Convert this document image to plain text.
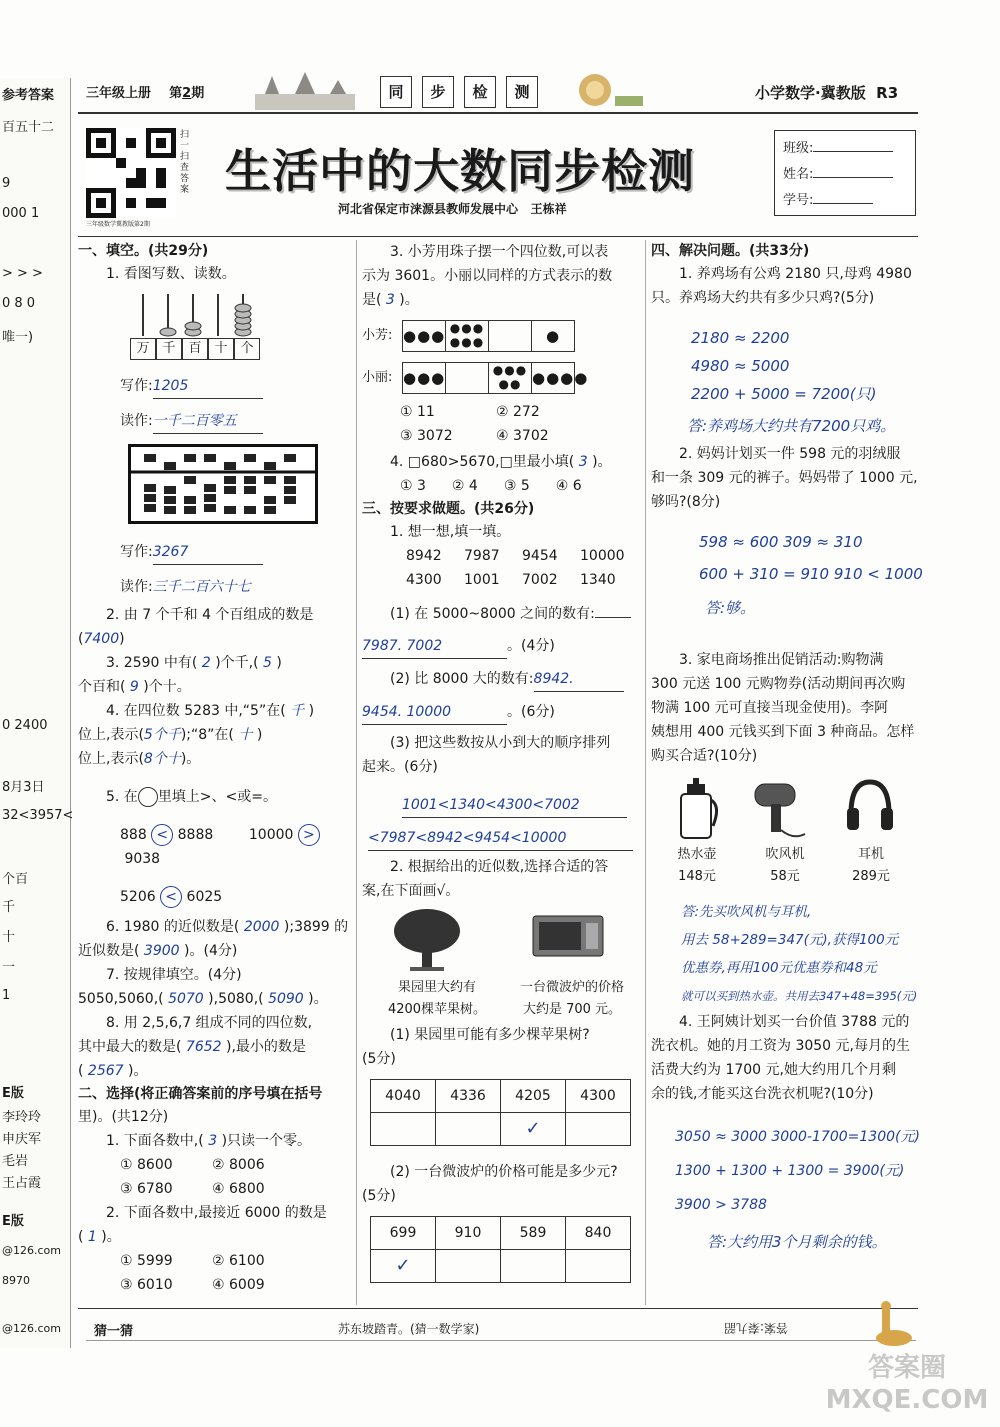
参考答案
百五十二
9
000 1
> > >
0 8 0
唯一)
0 2400
8月3日
32<3957<
个百
千
十
一
1
E版
李玲玲
申庆军
毛岩
王占霞
E版
@126.com
8970
@126.com
三年级上册 第2期	同	步	检	测	小学数学·冀教版 R3
扫一扫 查答案
三年级数学冀教版第2期
生活中的大数同步检测
河北省保定市涞源县教师发展中心 王栋祥
班级:
姓名:
学号:
一、填空。(共29分)
1. 看图写数、读数。
万 千 百 十 个
写作:1205
读作:一千二百零五
写作:3267
读作:三千二百六十七
2. 由 7 个千和 4 个百组成的数是
(7400)
3. 2590 中有( 2 )个千,( 5 )
个百和( 9 )个十。
4. 在四位数 5283 中,“5”在( 千 )
位上,表示(5个千);“8”在( 十 )
位上,表示(8个十)。
5. 在 里填上>、<或=。
888 < 8888	10000 > 9038
5206 < 6025
6. 1980 的近似数是( 2000 );3899 的
近似数是( 3900 )。(4分)
7. 按规律填空。(4分)
5050,5060,( 5070 ),5080,( 5090 )。
8. 用 2,5,6,7 组成不同的四位数,
其中最大的数是( 7652 ),最小的数是
( 2567 )。
二、选择(将正确答案前的序号填在括号
里)。(共12分)
1. 下面各数中,( 3 )只读一个零。
① 8600	② 8006
③ 6780	④ 6800
2. 下面各数中,最接近 6000 的数是
( 1 )。
① 5999	② 6100
③ 6010	④ 6009
3. 小芳用珠子摆一个四位数,可以表
示为 3601。小丽以同样的方式表示的数
是( 3 )。
小芳: ●●● ●●● ●●●	●
小丽: ●●●	●●● ●● ●●●●
① 11	② 272
③ 3072	④ 3702
4. □680>5670,□里最小填( 3 )。
① 3 ② 4 ③ 5 ④ 6
三、按要求做题。(共26分)
1. 想一想,填一填。
8942	7987	9454	10000
4300	1001	7002	1340
(1) 在 5000~8000 之间的数有:
7987. 7002	。(4分)
(2) 比 8000 大的数有:8942.
9454. 10000	。(6分)
(3) 把这些数按从小到大的顺序排列
起来。(6分)
1001<1340<4300<7002
<7987<8942<9454<10000
2. 根据给出的近似数,选择合适的答
案,在下面画√。
果园里大约有
4200棵苹果树。
一台微波炉的价格
大约是 700 元。
(1) 果园里可能有多少棵苹果树?
(5分)
4040	4336	4205	4300
		✓	
(2) 一台微波炉的价格可能是多少元?
(5分)
699	910	589	840
✓			
四、解决问题。(共33分)
1. 养鸡场有公鸡 2180 只,母鸡 4980
只。养鸡场大约共有多少只鸡?(5分)
2180 ≈ 2200
4980 ≈ 5000
2200 + 5000 = 7200(只)
答:养鸡场大约共有7200只鸡。
2. 妈妈计划买一件 598 元的羽绒服
和一条 309 元的裤子。妈妈带了 1000 元,
够吗?(8分)
598 ≈ 600 309 ≈ 310
600 + 310 = 910 910 < 1000
答:够。
3. 家电商场推出促销活动:购物满
300 元送 100 元购物券(活动期间再次购
物满 100 元可直接当现金使用)。李阿
姨想用 400 元钱买到下面 3 种商品。怎样
购买合适?(10分)
热水壶
148元
吹风机
58元
耳机
289元
答:先买吹风机与耳机,
用去 58+289=347(元),获得100元
优惠券,再用100元优惠券和48元
就可以买到热水壶。共用去347+48=395(元)
4. 王阿姨计划买一台价值 3788 元的
洗衣机。她的月工资为 3050 元,每月的生
活费大约为 1700 元,她大约用几个月剩
余的钱,才能买这台洗衣机呢?(10分)
3050 ≈ 3000 3000-1700=1300(元)
1300 + 1300 + 1300 = 3900(元)
3900 > 3788
答:大约用3个月剩余的钱。
猜一猜	苏东坡踏青。(猜一数学家)	答案:秦九韶
答案圈 MXQE.COM
